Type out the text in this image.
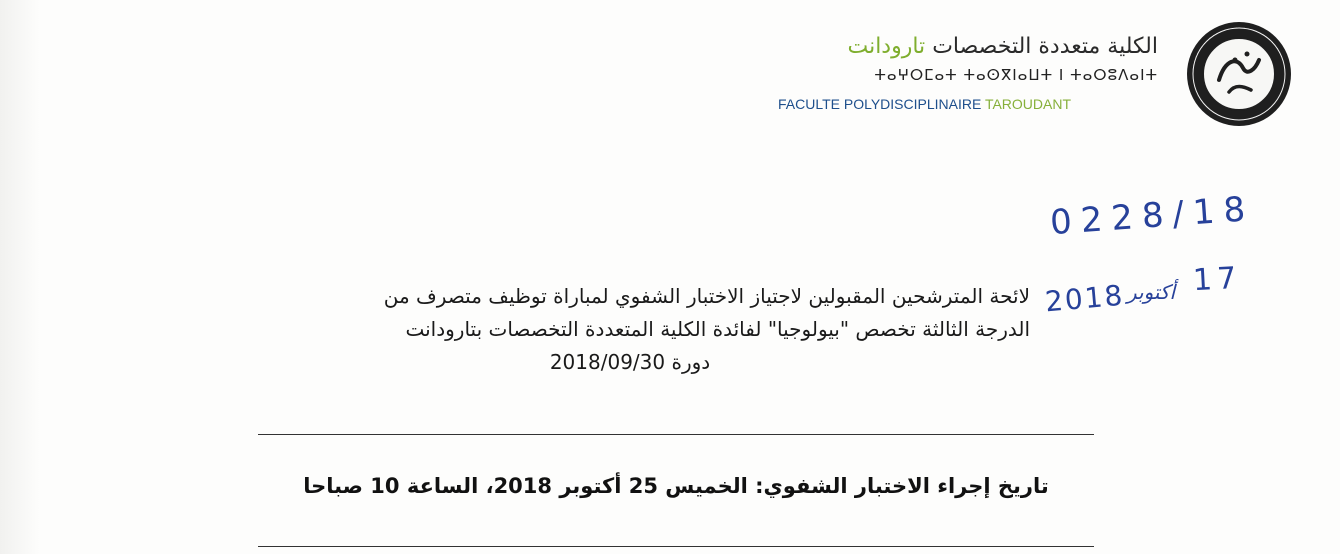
الكلية متعددة التخصصات تارودانت
ⵜⴰⵖⵔⵎⴰⵜ ⵜⴰⵙⴳⵏⴰⵡⵜ ⵏ ⵜⴰⵔⵓⴷⴰⵏⵜ
FACULTE POLYDISCIPLINAIRE TAROUDANT
· · · · · · · · · · · · · · · · · · · · · · · · · · · · · ·
0228/18
17
أكتوبر
2018
لائحة المترشحين المقبولين لاجتياز الاختبار الشفوي لمباراة توظيف متصرف من
الدرجة الثالثة تخصص "بيولوجيا" لفائدة الكلية المتعددة التخصصات بتارودانت
دورة 2018/09/30
تاريخ إجراء الاختبار الشفوي: الخميس 25 أكتوبر 2018، الساعة 10 صباحا
